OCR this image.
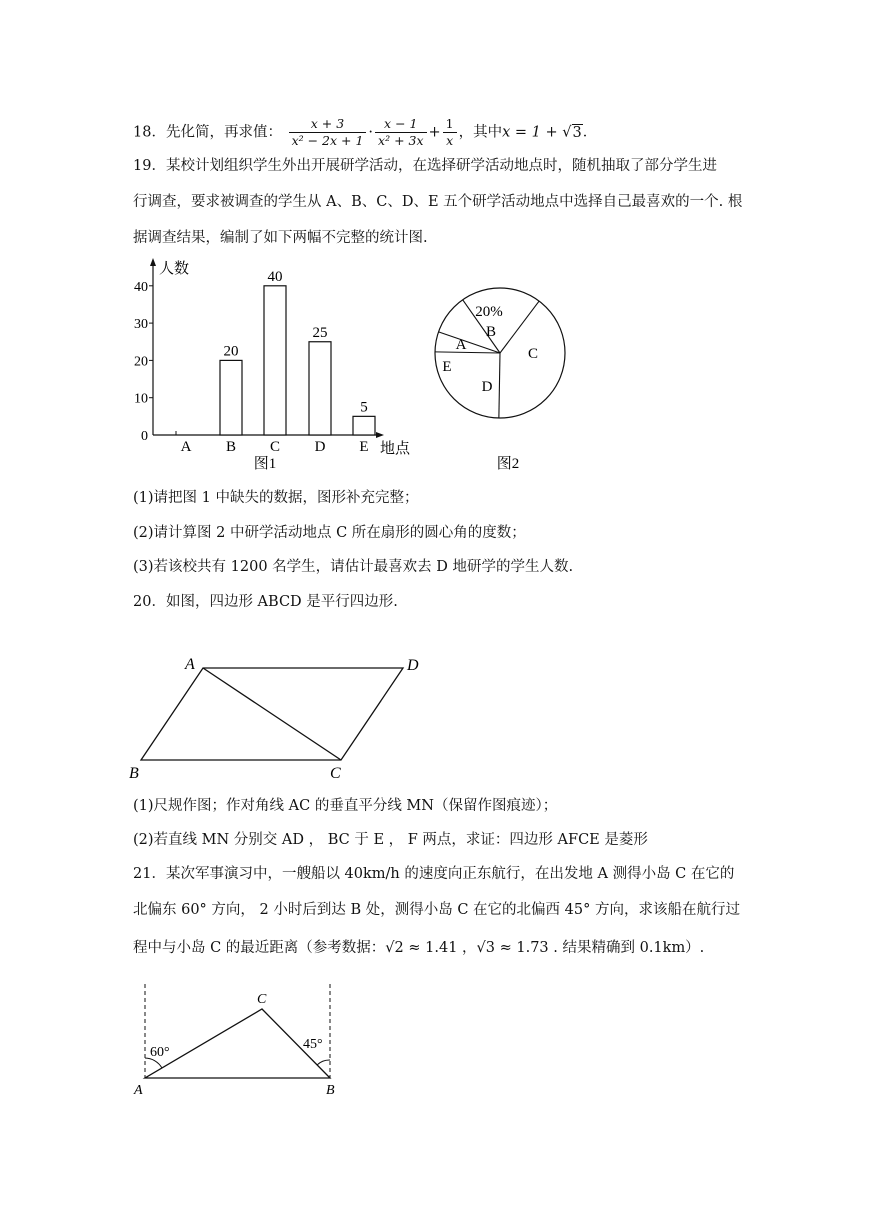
18．先化简，再求值： $\frac{x + 3}{\text{x² − 2x + 1}} \cdot \frac{x - 1}{\text{x² + 3x}} + \frac{1}{x}$ ，其中x = 1 + √3．
19．某校计划组织学生外出开展研学活动，在选择研学活动地点时，随机抽取了部分学生进
行调查，要求被调查的学生从 A、B、C、D、E 五个研学活动地点中选择自己最喜欢的一个. 根
据调查结果，编制了如下两幅不完整的统计图.
人数
地点
0
10
20
30
40
A B
20
C
40
D
25
E
5
图1
B
C
D
E
A
20%
图2
(1)请把图 1 中缺失的数据，图形补充完整；
(2)请计算图 2 中研学活动地点 C 所在扇形的圆心角的度数；
(3)若该校共有 1200 名学生，请估计最喜欢去 D 地研学的学生人数.
20．如图，四边形 ABCD 是平行四边形.
A	D
B	C
(1)尺规作图；作对角线 AC 的垂直平分线 MN（保留作图痕迹）；
(2)若直线 MN 分别交 AD ， BC 于 E ， F 两点，求证：四边形 AFCE 是菱形
21．某次军事演习中，一艘船以 40km/h 的速度向正东航行，在出发地 A 测得小岛 C 在它的
北偏东 60° 方向， 2 小时后到达 B 处，测得小岛 C 在它的北偏西 45° 方向，求该船在航行过
程中与小岛 C 的最近距离（参考数据：√2 ≈ 1.41 ，√3 ≈ 1.73 . 结果精确到 0.1km）.
60°
45°
A	B
C
